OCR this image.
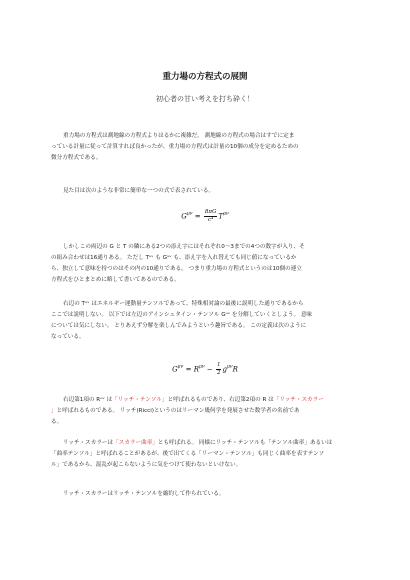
重力場の方程式の展開
初心者の甘い考えを打ち砕く！

重力場の方程式は測地線の方程式よりはるかに複雑だ。 測地線の方程式の場合はすでに定ま
っている計量に従って計算すれば良かったが、重力場の方程式は計量の10個の成分を定めるための
微分方程式である。

見た目は次のような非常に簡単な一つの式で表されている。

$G^{\mu\nu} = \frac{8\pi G}{\text{c⁴}} T^{\mu\nu}$

しかしこの両辺の G と T の隣にある2つの添え字にはそれぞれ0〜3までの4つの数字が入り、そ
の組み合わせは16通りある。 ただし Tᵘᵛ も Gᵘᵛ も、添え字を入れ替えても同じ値になっているか
ら、独立して意味を持つのはその内の10通りである。 つまり重力場の方程式というのは10個の連立
方程式をひとまとめに略して書いてあるのである。

右辺の Tᵘᵛ はエネルギー運動量テンソルであって、特殊相対論の最後に説明した通りであるから
ここでは説明しない。 以下では左辺のアインシュタイン・テンソル Gᵘᵛ を分解していくとしよう。 意味
については気にしない。 とりあえず分解を楽しんでみようという趣旨である。 この定義は次のように
なっている。

$G^{\mu\nu} = R^{\mu\nu} - \frac{1}{2} g^{\mu\nu}R$

右辺第1項の Rᵘᵛ は「リッチ・テンソル」と呼ばれるものであり、右辺第2項の R は「リッチ・スカラー
」と呼ばれるものである。 リッチ(Ricci)というのはリーマン幾何学を発展させた数学者の名前であ
る。

リッチ・スカラーは「スカラー曲率」とも呼ばれる。 同様にリッチ・テンソルも「テンソル曲率」あるいは
「曲率テンソル」と呼ばれることがあるが、後で出てくる「リーマン・テンソル」も同じく曲率を表すテンソ
ル」であるから、混乱が起こらないように気をつけて使わないといけない。

リッチ・スカラーはリッチ・テンソルを縮約して作られている。
